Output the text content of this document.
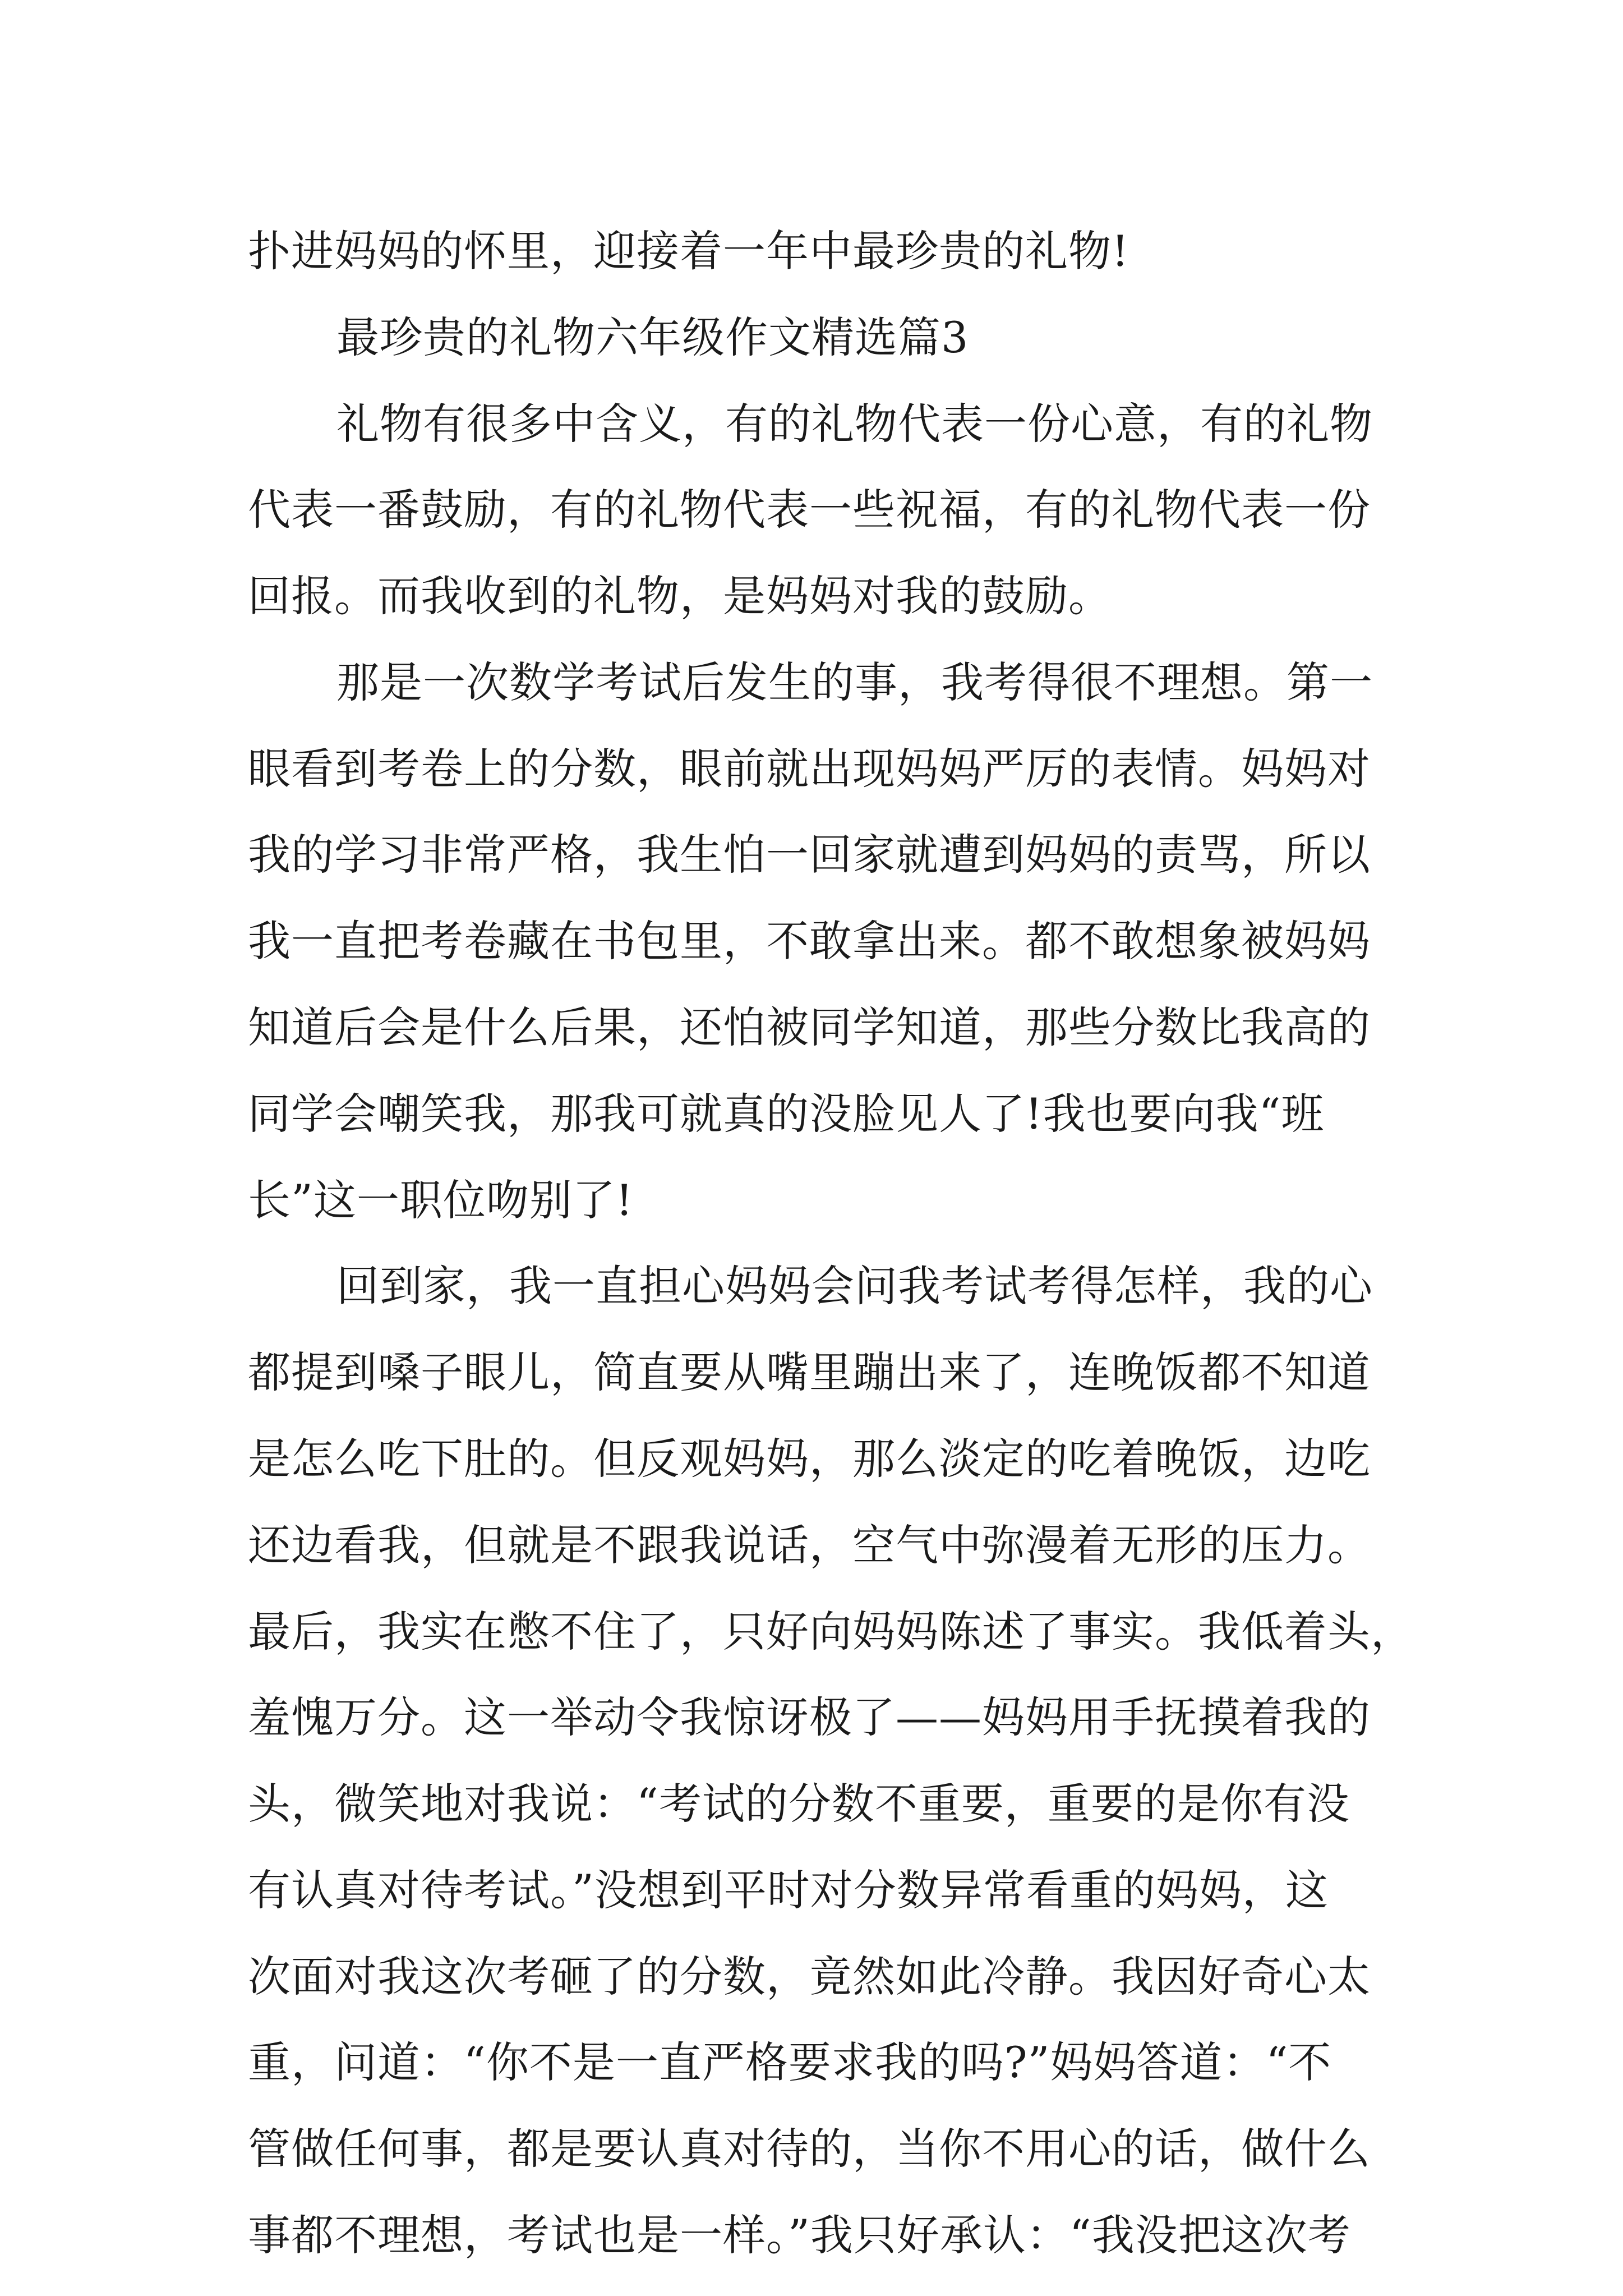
扑进妈妈的怀里，迎接着一年中最珍贵的礼物!
最珍贵的礼物六年级作文精选篇3
礼物有很多中含义，有的礼物代表一份心意，有的礼物
代表一番鼓励，有的礼物代表一些祝福，有的礼物代表一份
回报。而我收到的礼物，是妈妈对我的鼓励。
那是一次数学考试后发生的事，我考得很不理想。第一
眼看到考卷上的分数，眼前就出现妈妈严厉的表情。妈妈对
我的学习非常严格，我生怕一回家就遭到妈妈的责骂，所以
我一直把考卷藏在书包里，不敢拿出来。都不敢想象被妈妈
知道后会是什么后果，还怕被同学知道，那些分数比我高的
同学会嘲笑我，那我可就真的没脸见人了!我也要向我“班
长”这一职位吻别了!
回到家，我一直担心妈妈会问我考试考得怎样，我的心
都提到嗓子眼儿，简直要从嘴里蹦出来了，连晚饭都不知道
是怎么吃下肚的。但反观妈妈，那么淡定的吃着晚饭，边吃
还边看我，但就是不跟我说话，空气中弥漫着无形的压力。
最后，我实在憋不住了，只好向妈妈陈述了事实。我低着头，
羞愧万分。这一举动令我惊讶极了——妈妈用手抚摸着我的
头，微笑地对我说：“考试的分数不重要，重要的是你有没
有认真对待考试。”没想到平时对分数异常看重的妈妈，这
次面对我这次考砸了的分数，竟然如此冷静。我因好奇心太
重，问道：“你不是一直严格要求我的吗?”妈妈答道：“不
管做任何事，都是要认真对待的，当你不用心的话，做什么
事都不理想，考试也是一样。”我只好承认：“我没把这次考
